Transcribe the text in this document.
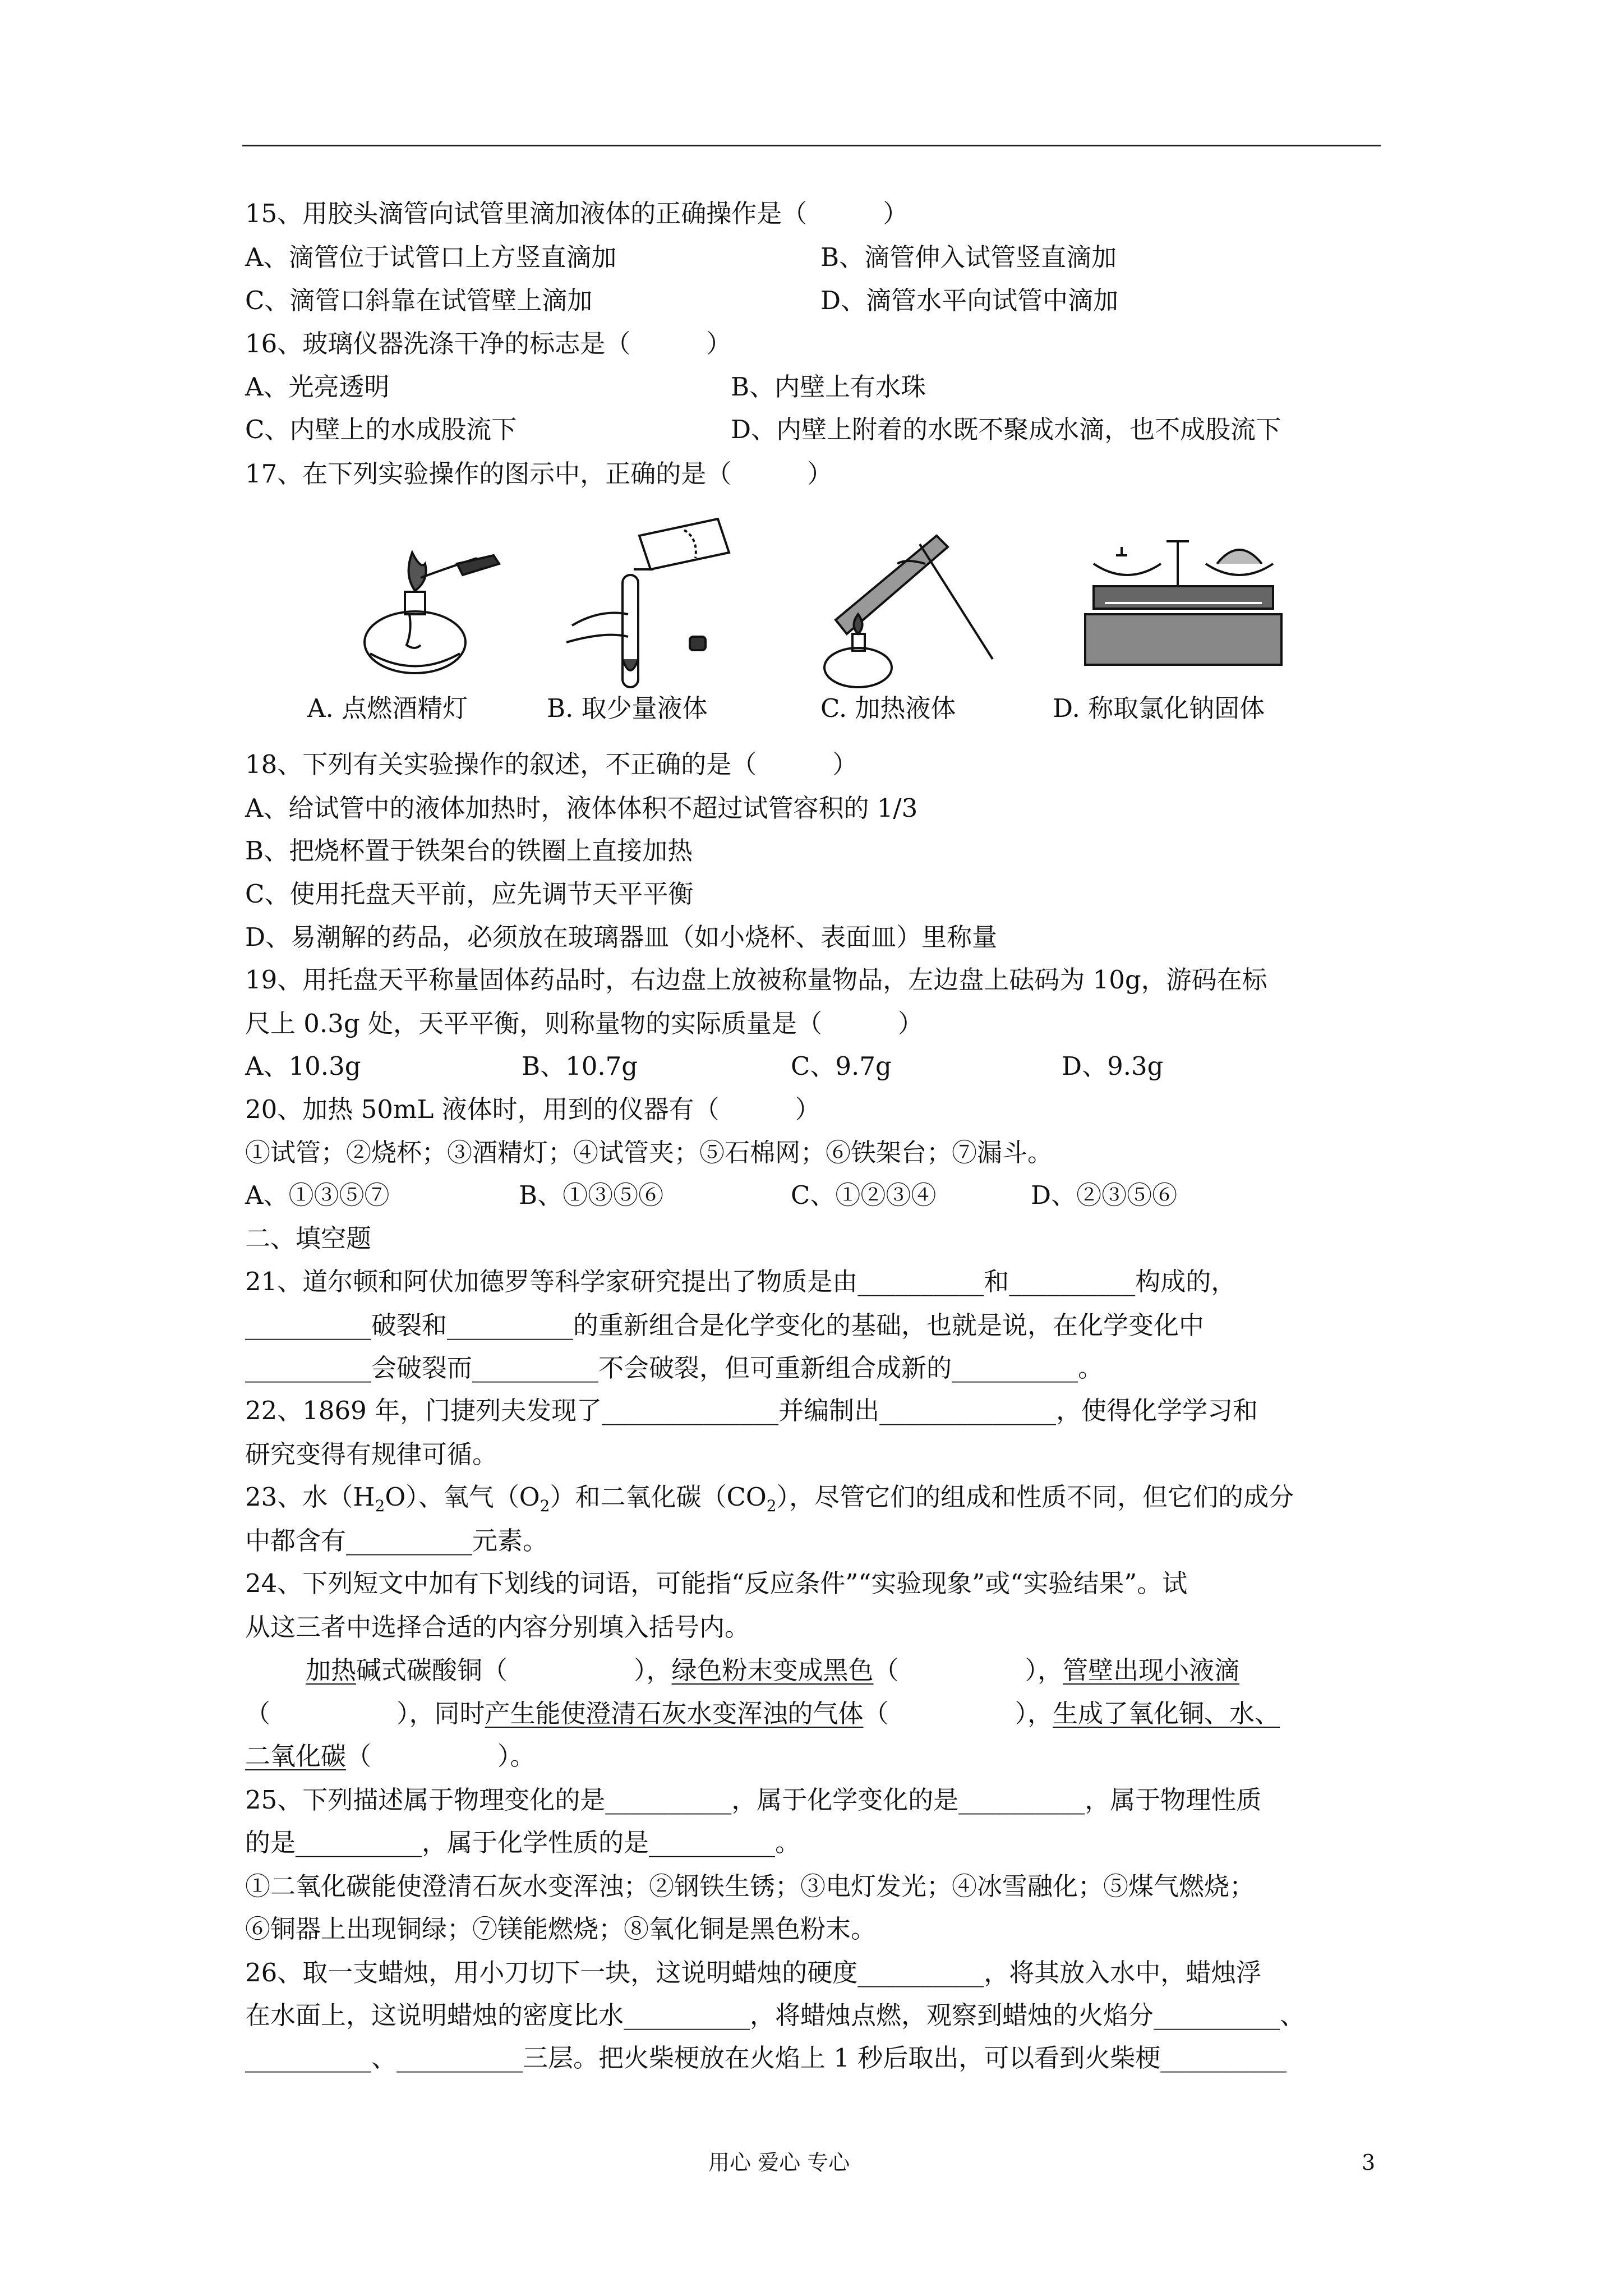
15、用胶头滴管向试管里滴加液体的正确操作是（　　　）
A、滴管位于试管口上方竖直滴加	B、滴管伸入试管竖直滴加
C、滴管口斜靠在试管壁上滴加	D、滴管水平向试管中滴加
16、玻璃仪器洗涤干净的标志是（　　　）
A、光亮透明	B、内壁上有水珠
C、内壁上的水成股流下	D、内壁上附着的水既不聚成水滴，也不成股流下
17、在下列实验操作的图示中，正确的是（　　　）
A. 点燃酒精灯	B. 取少量液体	C. 加热液体	D. 称取氯化钠固体
18、下列有关实验操作的叙述，不正确的是（　　　）
A、给试管中的液体加热时，液体体积不超过试管容积的 1/3
B、把烧杯置于铁架台的铁圈上直接加热
C、使用托盘天平前，应先调节天平平衡
D、易潮解的药品，必须放在玻璃器皿（如小烧杯、表面皿）里称量
19、用托盘天平称量固体药品时，右边盘上放被称量物品，左边盘上砝码为 10g，游码在标
尺上 0.3g 处，天平平衡，则称量物的实际质量是（　　　）
A、10.3g	B、10.7g	C、9.7g	D、9.3g
20、加热 50mL 液体时，用到的仪器有（　　　）
①试管；②烧杯；③酒精灯；④试管夹；⑤石棉网；⑥铁架台；⑦漏斗。
A、①③⑤⑦	B、①③⑤⑥	C、①②③④	D、②③⑤⑥
二、填空题
21、道尔顿和阿伏加德罗等科学家研究提出了物质是由__________和__________构成的，
__________破裂和__________的重新组合是化学变化的基础，也就是说，在化学变化中
__________会破裂而__________不会破裂，但可重新组合成新的__________。
22、1869 年，门捷列夫发现了______________并编制出______________，使得化学学习和
研究变得有规律可循。
23、水$(H_2O)$、氧气$(O_2)$和二氧化碳$(CO_2)$，尽管它们的组成和性质不同，但它们的成分
中都含有__________元素。
24、下列短文中加有下划线的词语，可能指“反应条件”“实验现象”或“实验结果”。试
从这三者中选择合适的内容分别填入括号内。
加热碱式碳酸铜（　　　　　），绿色粉末变成黑色（　　　　　），管壁出现小液滴
（　　　　　），同时产生能使澄清石灰水变浑浊的气体（　　　　　），生成了氧化铜、水、
二氧化碳（　　　　　）。
25、下列描述属于物理变化的是__________，属于化学变化的是__________，属于物理性质
的是__________，属于化学性质的是__________。
①二氧化碳能使澄清石灰水变浑浊；②钢铁生锈；③电灯发光；④冰雪融化；⑤煤气燃烧；
⑥铜器上出现铜绿；⑦镁能燃烧；⑧氧化铜是黑色粉末。
26、取一支蜡烛，用小刀切下一块，这说明蜡烛的硬度__________，将其放入水中，蜡烛浮
在水面上，这说明蜡烛的密度比水__________，将蜡烛点燃，观察到蜡烛的火焰分__________、
__________、__________三层。把火柴梗放在火焰上 1 秒后取出，可以看到火柴梗__________
用心 爱心 专心	3
